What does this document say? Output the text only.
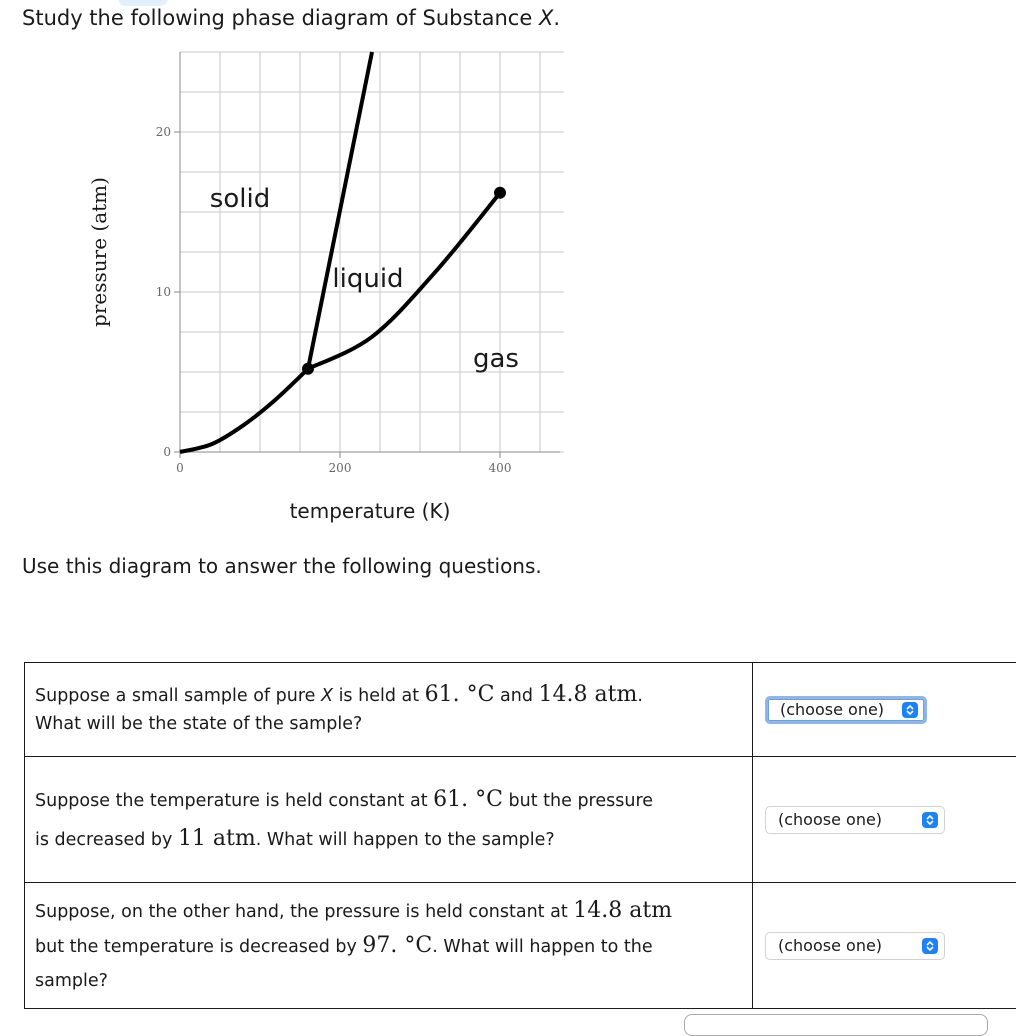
Study the following phase diagram of Substance X.

0	200	400
0
10
20
solid
liquid
gas
temperature (K)
pressure (atm)

Use this diagram to answer the following questions.

Suppose a small sample of pure X is held at 61. °C and 14.8 atm.
What will be the state of the sample?	(choose one)

Suppose the temperature is held constant at 61. °C but the pressure
is decreased by 11 atm. What will happen to the sample?	(choose one)

Suppose, on the other hand, the pressure is held constant at 14.8 atm
but the temperature is decreased by 97. °C. What will happen to the
sample?	(choose one)
